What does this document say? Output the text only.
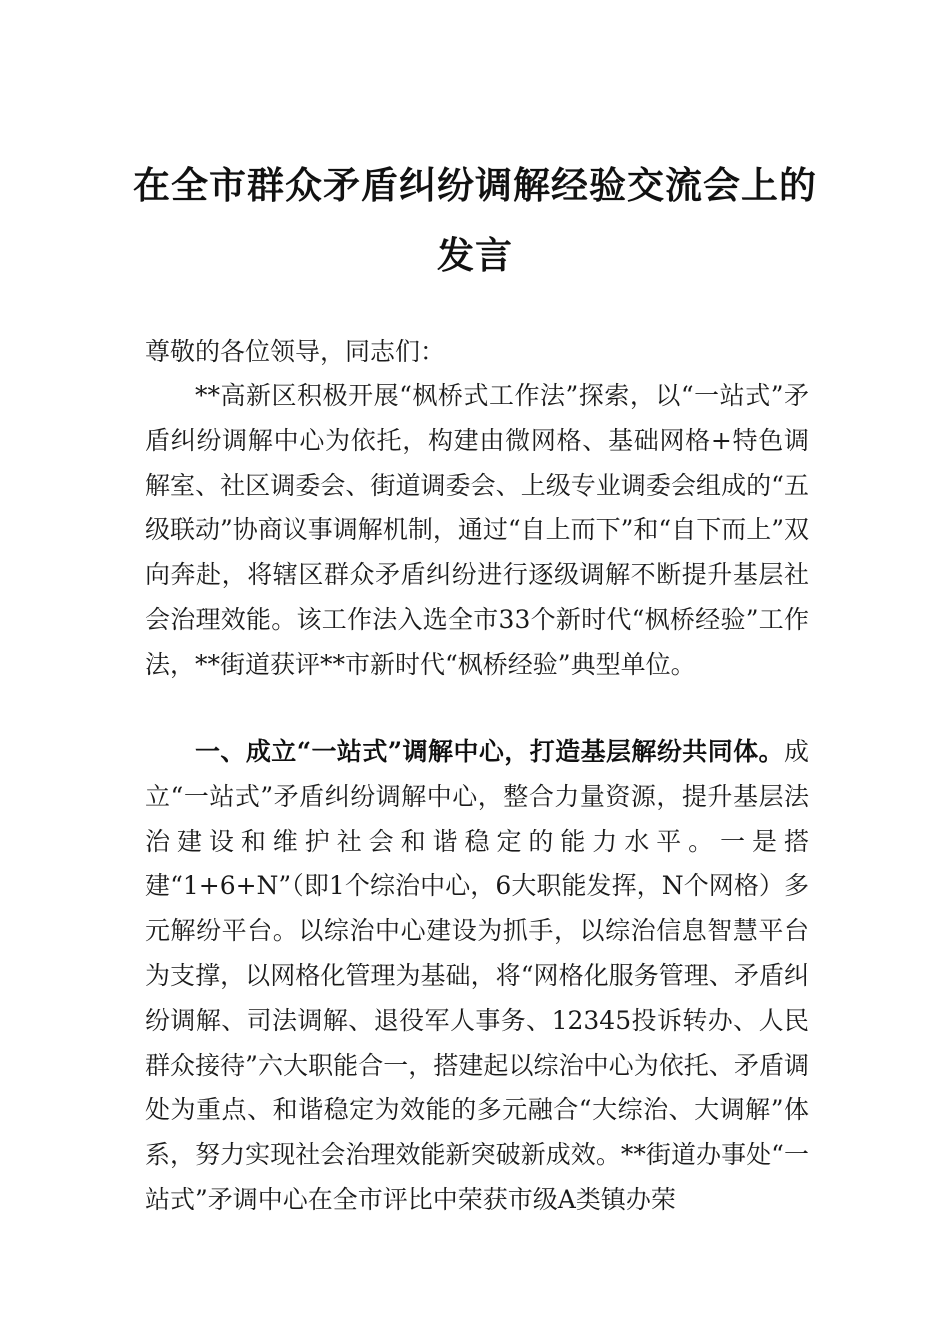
在全市群众矛盾纠纷调解经验交流会上的
发言
尊敬的各位领导，同志们：
**高新区积极开展“枫桥式工作法”探索，以“一站式”矛盾纠纷调解中心为依托，构建由微网格、基础网格+特色调解室、社区调委会、街道调委会、上级专业调委会组成的“五级联动”协商议事调解机制，通过“自上而下”和“自下而上”双向奔赴，将辖区群众矛盾纠纷进行逐级调解不断提升基层社会治理效能。该工作法入选全市33个新时代“枫桥经验”工作法，**街道获评**市新时代“枫桥经验”典型单位。
一、成立“一站式”调解中心，打造基层解纷共同体。成立“一站式”矛盾纠纷调解中心，整合力量资源，提升基层法治建设和维护社会和谐稳定的能力水平。一是搭建“1+6+N”（即1个综治中心，6大职能发挥，N个网格）多元解纷平台。以综治中心建设为抓手，以综治信息智慧平台为支撑，以网格化管理为基础，将“网格化服务管理、矛盾纠纷调解、司法调解、退役军人事务、12345投诉转办、人民群众接待”六大职能合一，搭建起以综治中心为依托、矛盾调处为重点、和谐稳定为效能的多元融合“大综治、大调解”体系，努力实现社会治理效能新突破新成效。**街道办事处“一站式”矛调中心在全市评比中荣获市级A类镇办荣
